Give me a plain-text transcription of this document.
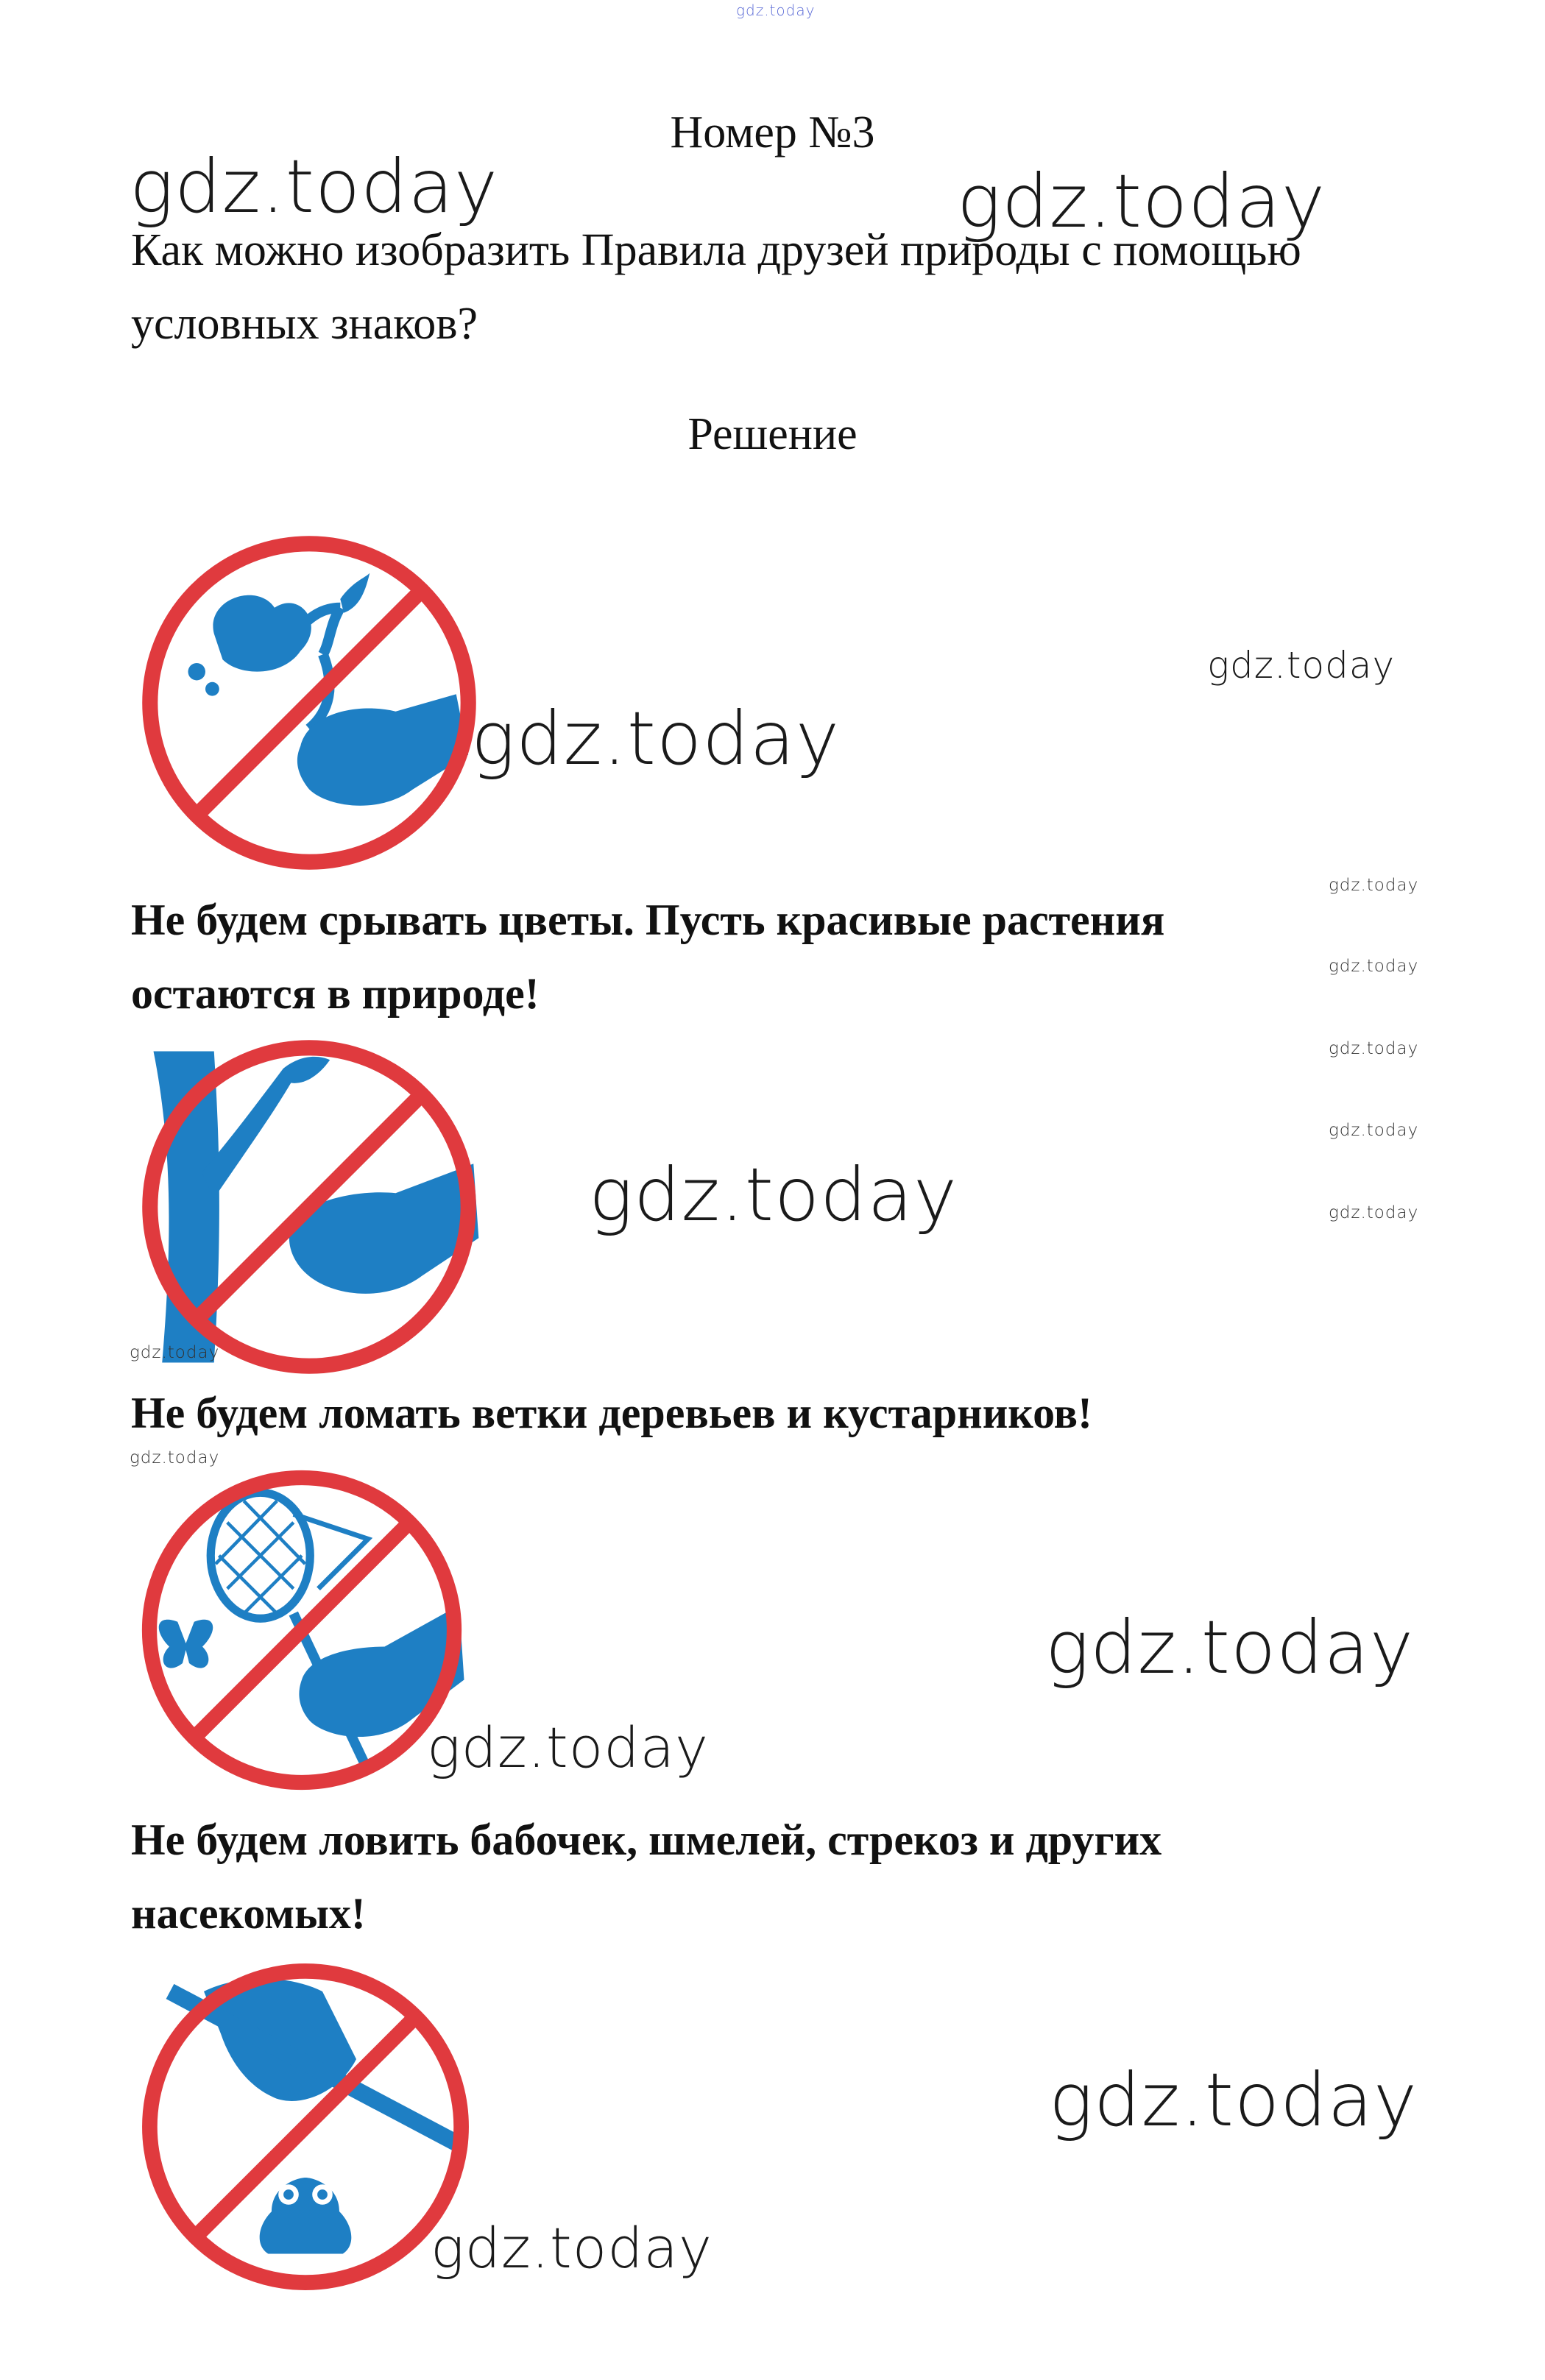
gdz.today
Номер №3
gdz.today	gdz.today
Как можно изобразить Правила друзей природы с помощью условных знаков?
Решение
gdz.today
gdz.today
gdz.today
gdz.today
gdz.today
gdz.today
gdz.today
Не будем срывать цветы. Пусть красивые растения остаются в природе!
gdz.today
gdz.today
Не будем ломать ветки деревьев и кустарников!
gdz.today
gdz.today
gdz.today
Не будем ловить бабочек, шмелей, стрекоз и других насекомых!
gdz.today
gdz.today
